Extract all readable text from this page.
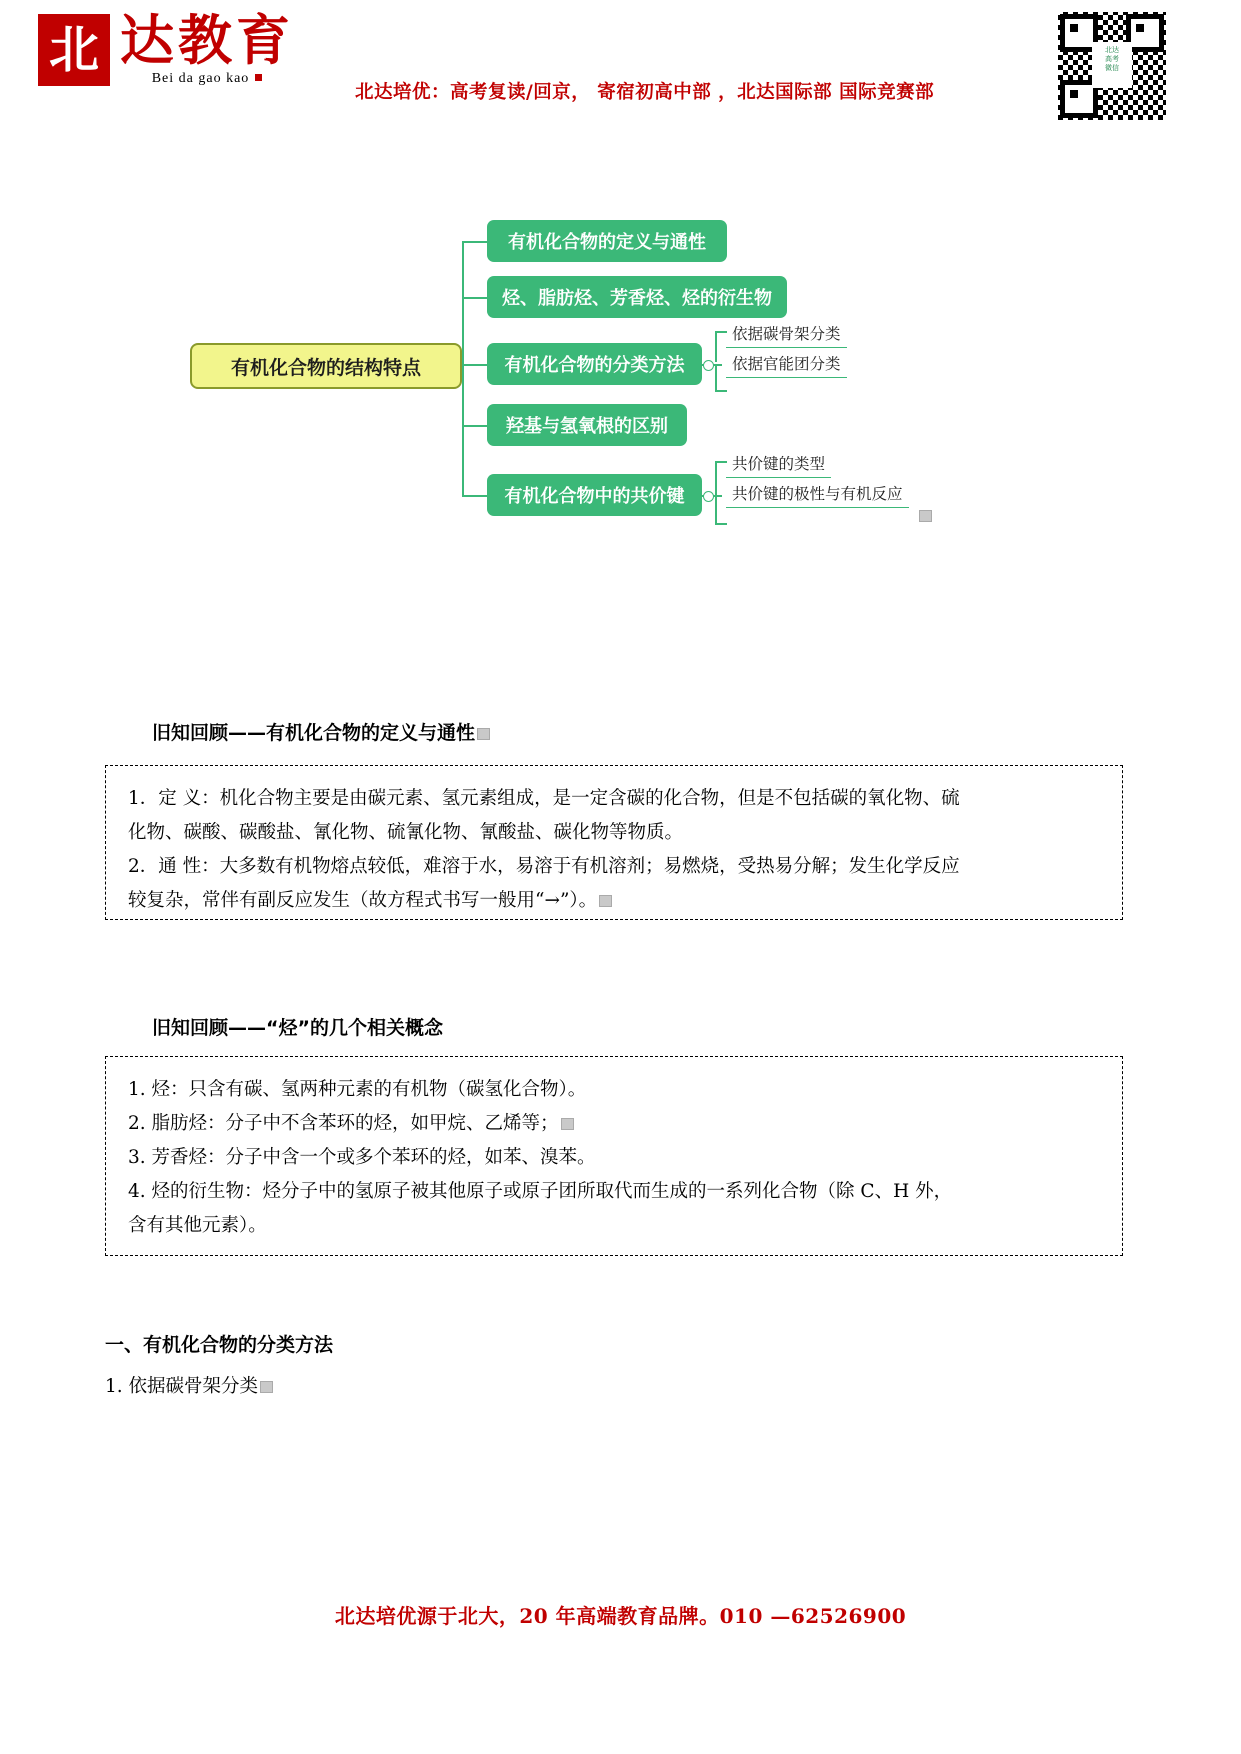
北 达教育
Bei da gao kao
北达培优：高考复读/回京， 寄宿初高中部 ，北达国际部 国际竞赛部
北达
高考
微信
有机化合物的结构特点
有机化合物的定义与通性
烃、脂肪烃、芳香烃、烃的衍生物
有机化合物的分类方法
羟基与氢氧根的区别
有机化合物中的共价键
依据碳骨架分类
依据官能团分类
共价键的类型
共价键的极性与有机反应
旧知回顾——有机化合物的定义与通性
1．定 义：机化合物主要是由碳元素、氢元素组成，是一定含碳的化合物，但是不包括碳的氧化物、硫
化物、碳酸、碳酸盐、氰化物、硫氰化物、氰酸盐、碳化物等物质。
2．通 性：大多数有机物熔点较低，难溶于水，易溶于有机溶剂；易燃烧，受热易分解；发生化学反应
较复杂，常伴有副反应发生（故方程式书写一般用“→”）。
旧知回顾——“烃”的几个相关概念
1. 烃：只含有碳、氢两种元素的有机物（碳氢化合物）。
2. 脂肪烃：分子中不含苯环的烃，如甲烷、乙烯等；
3. 芳香烃：分子中含一个或多个苯环的烃，如苯、溴苯。
4. 烃的衍生物：烃分子中的氢原子被其他原子或原子团所取代而生成的一系列化合物（除 C、H 外，
含有其他元素）。
一、有机化合物的分类方法
1. 依据碳骨架分类
北达培优源于北大，20 年高端教育品牌。010 —62526900
